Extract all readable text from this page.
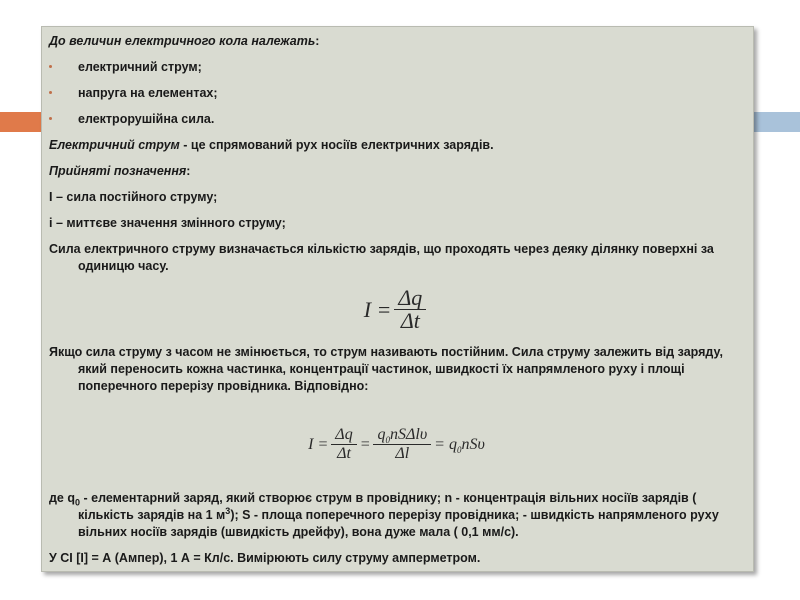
До величин електричного кола належать:

електричний струм;
напруга на елементах;
електрорушійна сила.

Електричний струм - це спрямований рух носіїв електричних зарядів.

Прийняті позначення:

I – сила постійного струму;

i – миттєве значення змінного струму;

Сила електричного струму визначається кількістю зарядів, що проходять через деяку ділянку поверхні за одиницю часу.

$I = \frac{\Delta q}{\Delta t}$

Якщо сила струму з часом не змінюється, то струм називають постійним. Сила струму залежить від заряду, який переносить кожна частинка, концентрації частинок, швидкості їх напрямленого руху і площі поперечного перерізу провідника. Відповідно:

$I = \frac{\Delta q}{\Delta t} = \frac{q_0nS\Delta l\upsilon}{\Delta l} = q_0nS\upsilon$

де $q_0$ - елементарний заряд, який створює струм в провіднику; n - концентрація вільних носіїв зарядів ( кількість зарядів на 1 $м^3$); S - площа поперечного перерізу провідника; - швидкість напрямленого руху вільних носіїв зарядів (швидкість дрейфу), вона дуже мала ( 0,1 мм/с).

У СІ [I] = А (Ампер), 1 А = Кл/с. Вимірюють силу струму амперметром.
